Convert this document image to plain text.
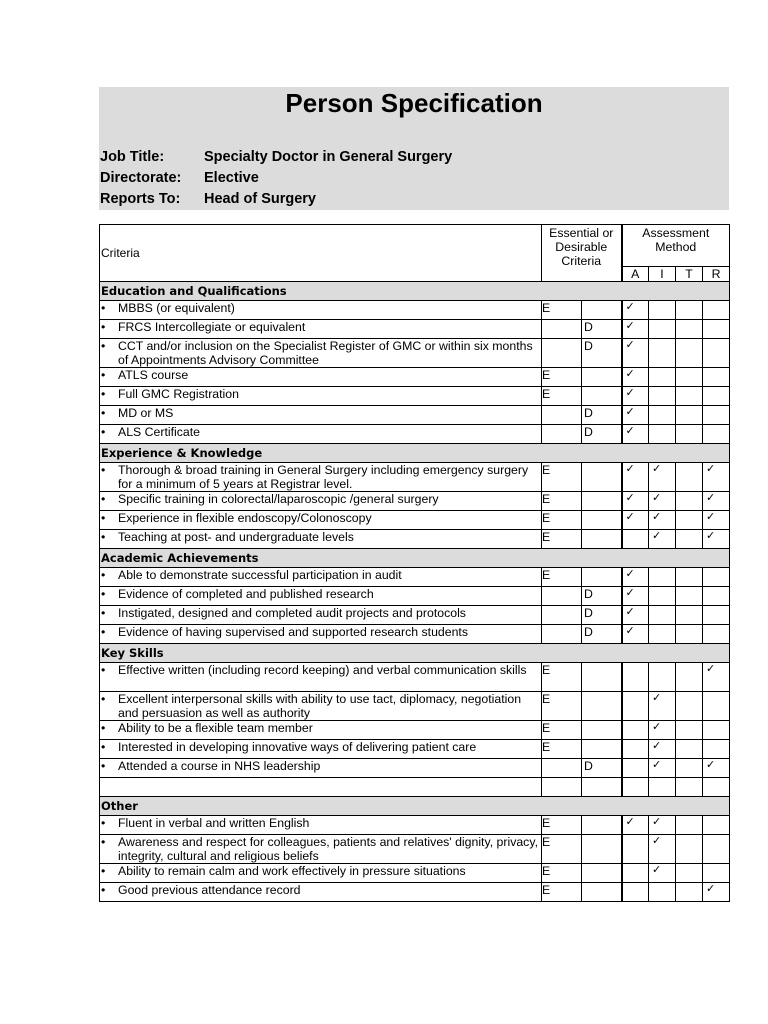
Person Specification
Job Title:	Specialty Doctor in General Surgery
Directorate:	Elective
Reports To:	Head of Surgery
Criteria	Essential or Desirable Criteria		Assessment Method			
			A	I	T	R
Education and Qualifications						

• MBBS (or equivalent)	E		✓			

• FRCS Intercollegiate or equivalent		D	✓			

• CCT and/or inclusion on the Specialist Register of GMC or within six months of Appointments Advisory Committee		D	✓			

• ATLS course	E		✓			

• Full GMC Registration	E		✓			

• MD or MS		D	✓			

• ALS Certificate		D	✓			
Experience & Knowledge						

• Thorough & broad training in General Surgery including emergency surgery for a minimum of 5 years at Registrar level.	E		✓	✓		✓

• Specific training in colorectal/laparoscopic /general surgery	E		✓	✓		✓

• Experience in flexible endoscopy/Colonoscopy	E		✓	✓		✓

• Teaching at post- and undergraduate levels	E			✓		✓
Academic Achievements						

• Able to demonstrate successful participation in audit	E		✓			

• Evidence of completed and published research		D	✓			

• Instigated, designed and completed audit projects and protocols		D	✓			

• Evidence of having supervised and supported research students		D	✓			
Key Skills						

• Effective written (including record keeping) and verbal communication skills	E					✓

• Excellent interpersonal skills with ability to use tact, diplomacy, negotiation and persuasion as well as authority	E			✓		

• Ability to be a flexible team member	E			✓		

• Interested in developing innovative ways of delivering patient care	E			✓		

• Attended a course in NHS leadership		D		✓		✓

Other						

• Fluent in verbal and written English	E		✓	✓		

• Awareness and respect for colleagues, patients and relatives' dignity, privacy, integrity, cultural and religious beliefs	E			✓		

• Ability to remain calm and work effectively in pressure situations	E			✓		

• Good previous attendance record	E					✓
